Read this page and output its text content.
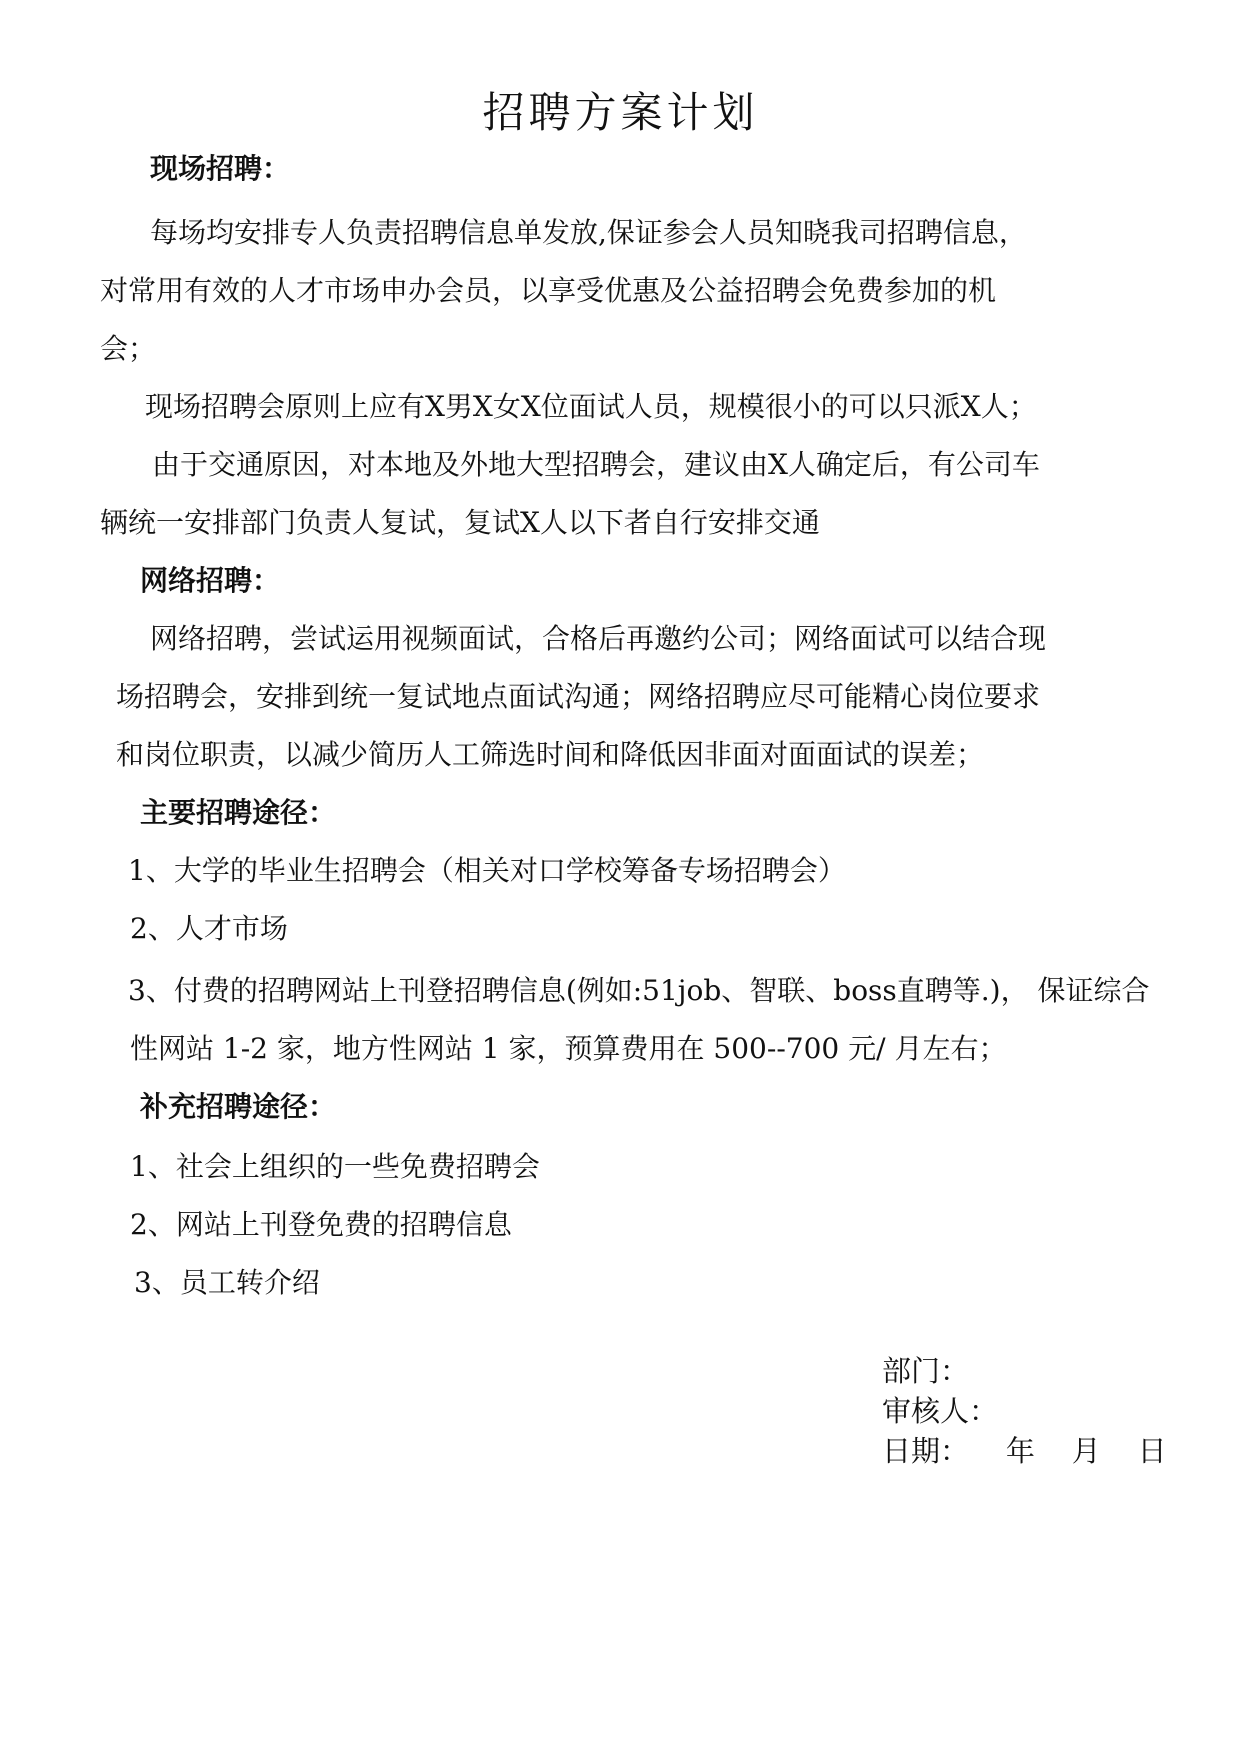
招聘方案计划
现场招聘：
每场均安排专人负责招聘信息单发放,保证参会人员知晓我司招聘信息，
对常用有效的人才市场申办会员，以享受优惠及公益招聘会免费参加的机
会；
现场招聘会原则上应有X男X女X位面试人员，规模很小的可以只派X人；
由于交通原因，对本地及外地大型招聘会，建议由X人确定后，有公司车
辆统一安排部门负责人复试，复试X人以下者自行安排交通
网络招聘：
网络招聘，尝试运用视频面试，合格后再邀约公司；网络面试可以结合现
场招聘会，安排到统一复试地点面试沟通；网络招聘应尽可能精心岗位要求
和岗位职责，以减少简历人工筛选时间和降低因非面对面面试的误差；
主要招聘途径：
1、大学的毕业生招聘会（相关对口学校筹备专场招聘会）
2、人才市场
3、付费的招聘网站上刊登招聘信息(例如:51job、智联、boss直聘等.)， 保证综合
性网站 1-2 家，地方性网站 1 家，预算费用在 500--700 元/ 月左右；
补充招聘途径：
1、社会上组织的一些免费招聘会
2、网站上刊登免费的招聘信息
3、员工转介绍
部门：
审核人：
日期：    年    月    日
